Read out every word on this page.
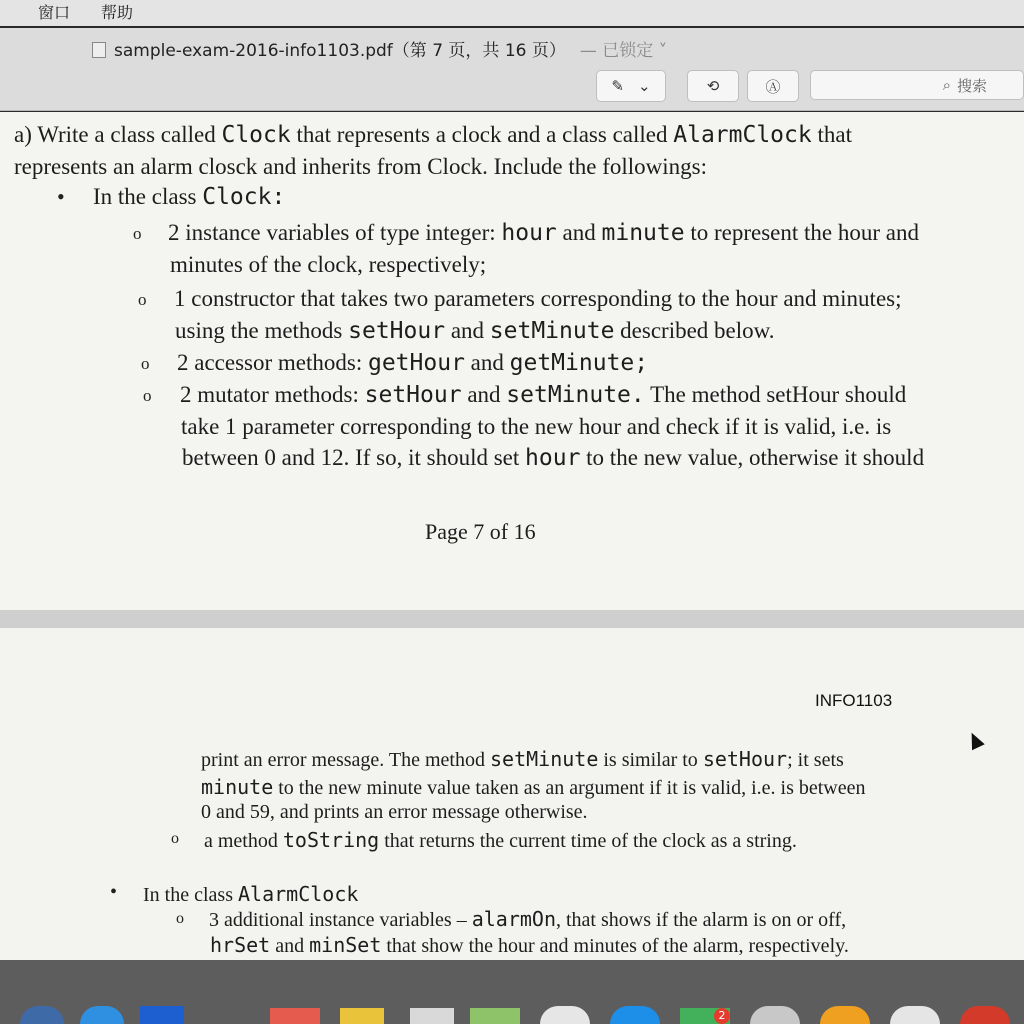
窗口 帮助
sample-exam-2016-info1103.pdf（第 7 页，共 16 页） — 已锁定 ˅
✎ ⌄	⟲	Ⓐ	⌕ 搜索
a) Write a class called Clock that represents a clock and a class called AlarmClock that
represents an alarm closck and inherits from Clock. Include the followings:
• In the class Clock:
o 2 instance variables of type integer: hour and minute to represent the hour and
minutes of the clock, respectively;
o 1 constructor that takes two parameters corresponding to the hour and minutes;
using the methods setHour and setMinute described below.
o 2 accessor methods: getHour and getMinute;
o 2 mutator methods: setHour and setMinute. The method setHour should
take 1 parameter corresponding to the new hour and check if it is valid, i.e. is
between 0 and 12. If so, it should set hour to the new value, otherwise it should
Page 7 of 16
INFO1103
print an error message. The method setMinute is similar to setHour; it sets
minute to the new minute value taken as an argument if it is valid, i.e. is between
0 and 59, and prints an error message otherwise.
o a method toString that returns the current time of the clock as a string.
• In the class AlarmClock
o 3 additional instance variables – alarmOn, that shows if the alarm is on or off,
hrSet and minSet that show the hour and minutes of the alarm, respectively.
2
